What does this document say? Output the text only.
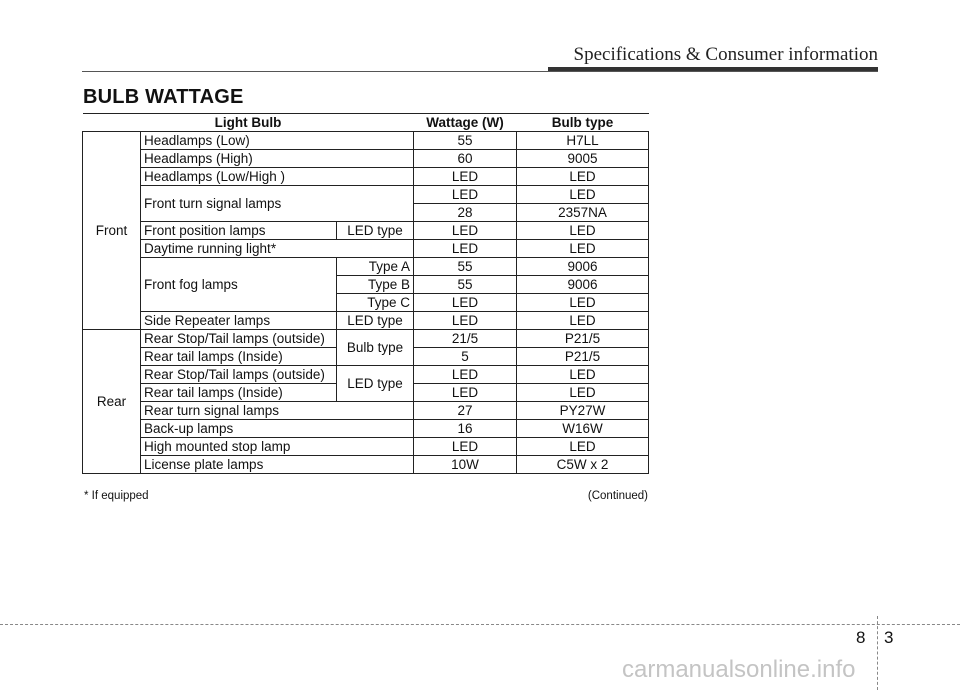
Specifications & Consumer information
BULB WATTAGE
Light Bulb			Wattage (W)	Bulb type
Front	Headlamps (Low)		55	H7LL
	Headlamps (High)		60	9005
	Headlamps (Low/High )		LED	LED
	Front turn signal lamps		LED	LED
			28	2357NA
	Front position lamps	LED type	LED	LED
	Daytime running light*		LED	LED
	Front fog lamps	Type A	55	9006
		Type B	55	9006
		Type C	LED	LED
	Side Repeater lamps	LED type	LED	LED
Rear	Rear Stop/Tail lamps (outside)	Bulb type	21/5	P21/5
	Rear tail lamps (Inside)		5	P21/5
	Rear Stop/Tail lamps (outside)	LED type	LED	LED
	Rear tail lamps (Inside)		LED	LED
	Rear turn signal lamps		27	PY27W
	Back-up lamps		16	W16W
	High mounted stop lamp		LED	LED
	License plate lamps		10W	C5W x 2
* If equipped	(Continued)
8 3
carmanualsonline.info
